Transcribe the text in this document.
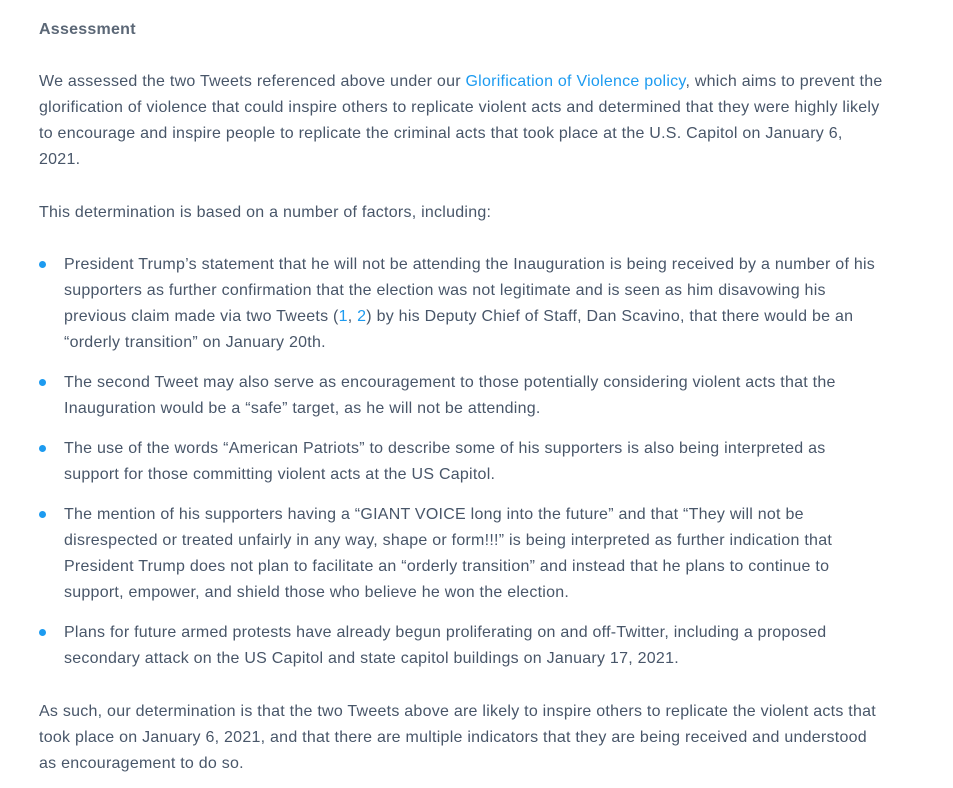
Assessment

We assessed the two Tweets referenced above under our Glorification of Violence policy, which aims to prevent the glorification of violence that could inspire others to replicate violent acts and determined that they were highly likely to encourage and inspire people to replicate the criminal acts that took place at the U.S. Capitol on January 6, 2021.

This determination is based on a number of factors, including:

President Trump’s statement that he will not be attending the Inauguration is being received by a number of his supporters as further confirmation that the election was not legitimate and is seen as him disavowing his previous claim made via two Tweets (1, 2) by his Deputy Chief of Staff, Dan Scavino, that there would be an “orderly transition” on January 20th.
The second Tweet may also serve as encouragement to those potentially considering violent acts that the Inauguration would be a “safe” target, as he will not be attending.
The use of the words “American Patriots” to describe some of his supporters is also being interpreted as support for those committing violent acts at the US Capitol.
The mention of his supporters having a “GIANT VOICE long into the future” and that “They will not be disrespected or treated unfairly in any way, shape or form!!!” is being interpreted as further indication that President Trump does not plan to facilitate an “orderly transition” and instead that he plans to continue to support, empower, and shield those who believe he won the election.
Plans for future armed protests have already begun proliferating on and off-Twitter, including a proposed secondary attack on the US Capitol and state capitol buildings on January 17, 2021.

As such, our determination is that the two Tweets above are likely to inspire others to replicate the violent acts that took place on January 6, 2021, and that there are multiple indicators that they are being received and understood as encouragement to do so.
